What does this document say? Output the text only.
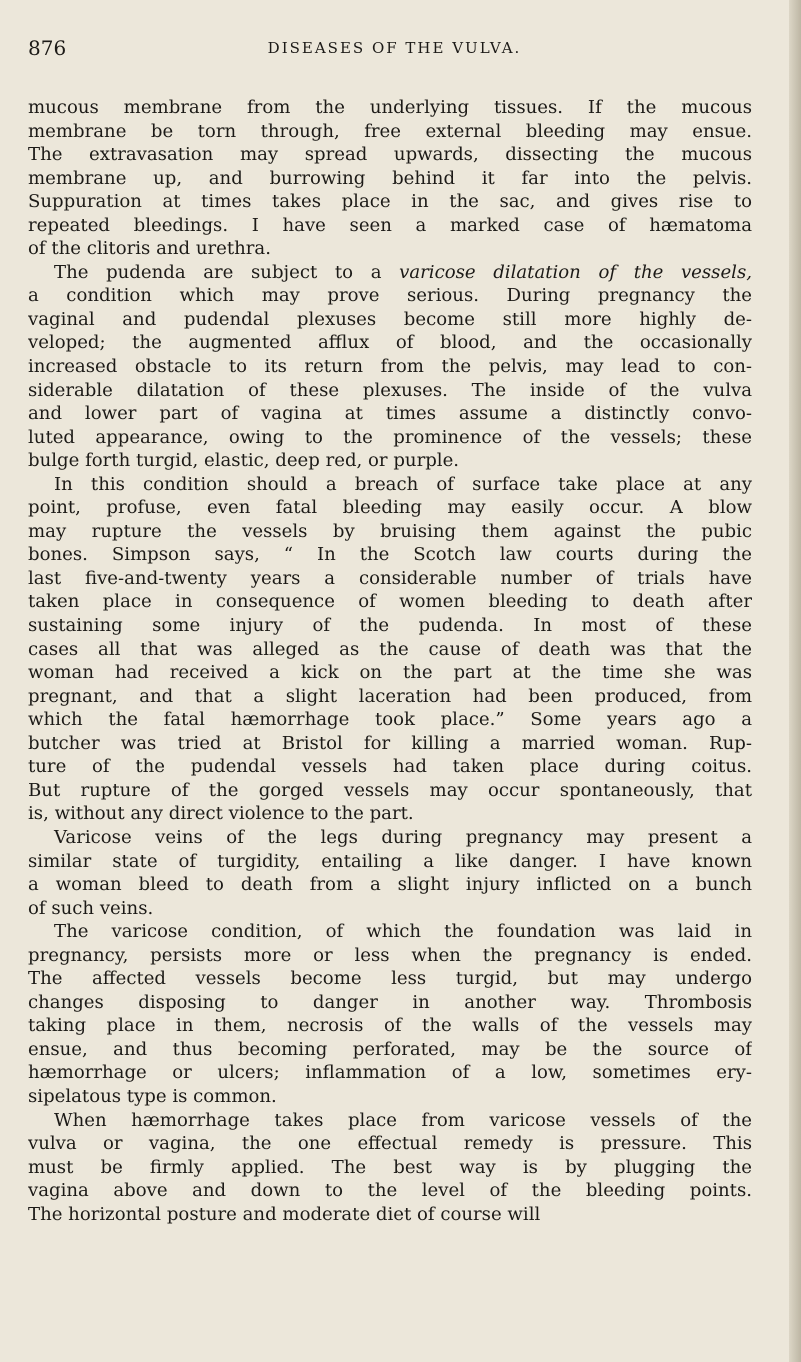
876	DISEASES OF THE VULVA.

mucous membrane from the underlying tissues. If the mucous
membrane be torn through, free external bleeding may ensue.
The extravasation may spread upwards, dissecting the mucous
membrane up, and burrowing behind it far into the pelvis.
Suppuration at times takes place in the sac, and gives rise to
repeated bleedings. I have seen a marked case of hæmatoma
of the clitoris and urethra.

The pudenda are subject to a varicose dilatation of the vessels,
a condition which may prove serious. During pregnancy the
vaginal and pudendal plexuses become still more highly de-
veloped; the augmented afflux of blood, and the occasionally
increased obstacle to its return from the pelvis, may lead to con-
siderable dilatation of these plexuses. The inside of the vulva
and lower part of vagina at times assume a distinctly convo-
luted appearance, owing to the prominence of the vessels; these
bulge forth turgid, elastic, deep red, or purple.

In this condition should a breach of surface take place at any
point, profuse, even fatal bleeding may easily occur. A blow
may rupture the vessels by bruising them against the pubic
bones. Simpson says, “ In the Scotch law courts during the
last five-and-twenty years a considerable number of trials have
taken place in consequence of women bleeding to death after
sustaining some injury of the pudenda. In most of these
cases all that was alleged as the cause of death was that the
woman had received a kick on the part at the time she was
pregnant, and that a slight laceration had been produced, from
which the fatal hæmorrhage took place.” Some years ago a
butcher was tried at Bristol for killing a married woman. Rup-
ture of the pudendal vessels had taken place during coitus.
But rupture of the gorged vessels may occur spontaneously, that
is, without any direct violence to the part.

Varicose veins of the legs during pregnancy may present a
similar state of turgidity, entailing a like danger. I have known
a woman bleed to death from a slight injury inflicted on a bunch
of such veins.

The varicose condition, of which the foundation was laid in
pregnancy, persists more or less when the pregnancy is ended.
The affected vessels become less turgid, but may undergo
changes disposing to danger in another way. Thrombosis
taking place in them, necrosis of the walls of the vessels may
ensue, and thus becoming perforated, may be the source of
hæmorrhage or ulcers; inflammation of a low, sometimes ery-
sipelatous type is common.

When hæmorrhage takes place from varicose vessels of the
vulva or vagina, the one effectual remedy is pressure. This
must be firmly applied. The best way is by plugging the
vagina above and down to the level of the bleeding points.
The horizontal posture and moderate diet of course will
